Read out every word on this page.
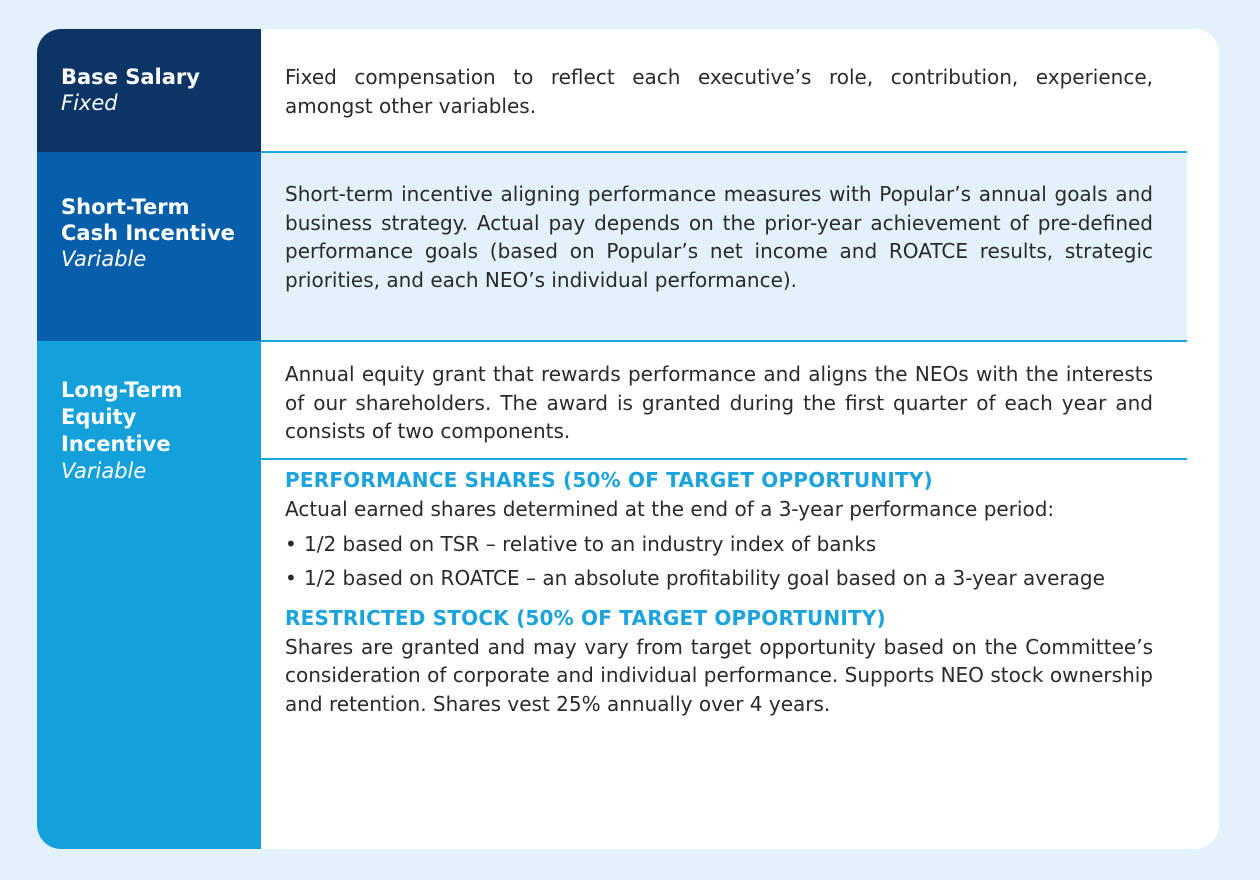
Base Salary
Fixed
Short-Term
Cash Incentive
Variable
Long-Term
Equity
Incentive
Variable

Fixed compensation to reflect each executive’s role, contribution, experience, amongst other variables.

Short-term incentive aligning performance measures with Popular’s annual goals and business strategy. Actual pay depends on the prior-year achievement of pre-defined performance goals (based on Popular’s net income and ROATCE results, strategic priorities, and each NEO’s individual performance).

Annual equity grant that rewards performance and aligns the NEOs with the interests of our shareholders. The award is granted during the first quarter of each year and consists of two components.

PERFORMANCE SHARES (50% OF TARGET OPPORTUNITY)

Actual earned shares determined at the end of a 3-year performance period:

• 1/2 based on TSR – relative to an industry index of banks
• 1/2 based on ROATCE – an absolute profitability goal based on a 3-year average

RESTRICTED STOCK (50% OF TARGET OPPORTUNITY)

Shares are granted and may vary from target opportunity based on the Committee’s consideration of corporate and individual performance. Supports NEO stock ownership and retention. Shares vest 25% annually over 4 years.
